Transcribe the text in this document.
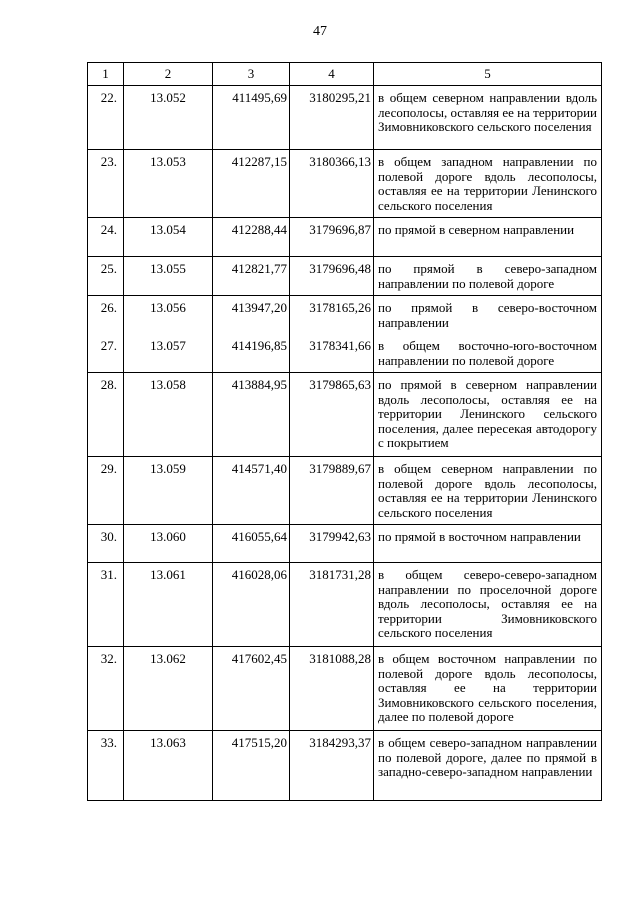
47
1	2	3	4	5
22.	13.052	411495,69	3180295,21	в общем северном направлении вдоль лесополосы, оставляя ее на территории Зимовниковского сельского поселения
23.	13.053	412287,15	3180366,13	в общем западном направлении по полевой дороге вдоль лесополосы, оставляя ее на территории Ленинского сельского поселения
24.	13.054	412288,44	3179696,87	по прямой в северном направлении
25.	13.055	412821,77	3179696,48	по прямой в северо-западном направлении по полевой дороге
26.	13.056	413947,20	3178165,26	по прямой в северо-восточном направлении
27.	13.057	414196,85	3178341,66	в общем восточно-юго-восточном направлении по полевой дороге
28.	13.058	413884,95	3179865,63	по прямой в северном направлении вдоль лесополосы, оставляя ее на территории Ленинского сельского поселения, далее пересекая автодорогу с покрытием
29.	13.059	414571,40	3179889,67	в общем северном направлении по полевой дороге вдоль лесополосы, оставляя ее на территории Ленинского сельского поселения
30.	13.060	416055,64	3179942,63	по прямой в восточном направлении
31.	13.061	416028,06	3181731,28	в общем северо-северо-западном направлении по проселочной дороге вдоль лесополосы, оставляя ее на территории Зимовниковского сельского поселения
32.	13.062	417602,45	3181088,28	в общем восточном направлении по полевой дороге вдоль лесополосы, оставляя ее на территории Зимовниковского сельского поселения, далее по полевой дороге
33.	13.063	417515,20	3184293,37	в общем северо-западном направлении по полевой дороге, далее по прямой в западно-северо-западном направлении
